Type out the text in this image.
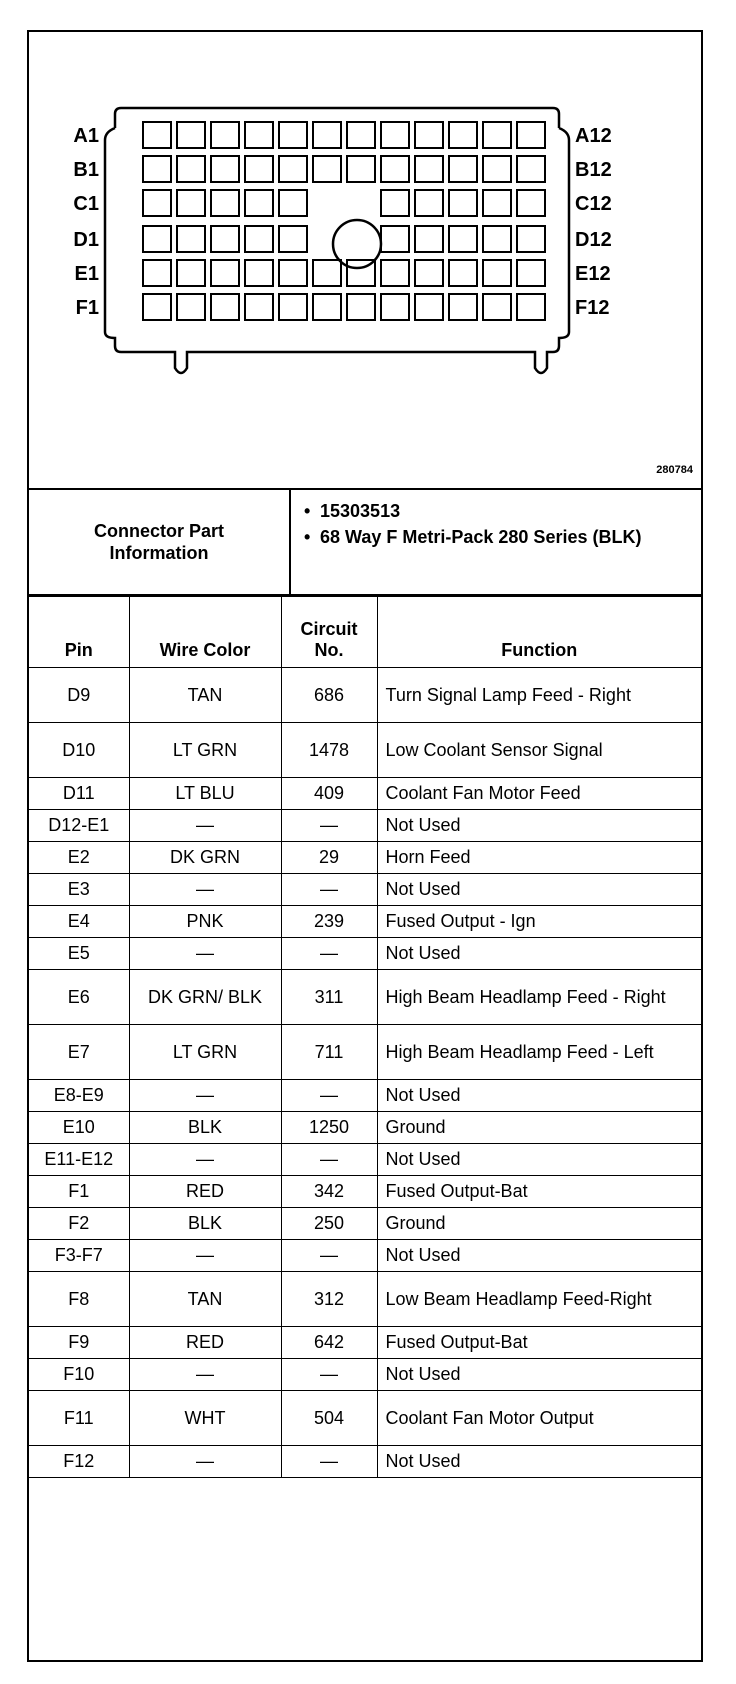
A1
B1
C1
D1
E1
F1
A12
B12
C12
D12
E12
F12
280784
Connector Part Information
• 15303513
• 68 Way F Metri-Pack 280 Series (BLK)
Pin	Wire Color	Circuit No.	Function
D9	TAN	686	Turn Signal Lamp Feed - Right
D10	LT GRN	1478	Low Coolant Sensor Signal
D11	LT BLU	409	Coolant Fan Motor Feed
D12-E1	—	—	Not Used
E2	DK GRN	29	Horn Feed
E3	—	—	Not Used
E4	PNK	239	Fused Output - Ign
E5	—	—	Not Used
E6	DK GRN/ BLK	311	High Beam Headlamp Feed - Right
E7	LT GRN	711	High Beam Headlamp Feed - Left
E8-E9	—	—	Not Used
E10	BLK	1250	Ground
E11-E12	—	—	Not Used
F1	RED	342	Fused Output-Bat
F2	BLK	250	Ground
F3-F7	—	—	Not Used
F8	TAN	312	Low Beam Headlamp Feed-Right
F9	RED	642	Fused Output-Bat
F10	—	—	Not Used
F11	WHT	504	Coolant Fan Motor Output
F12	—	—	Not Used
